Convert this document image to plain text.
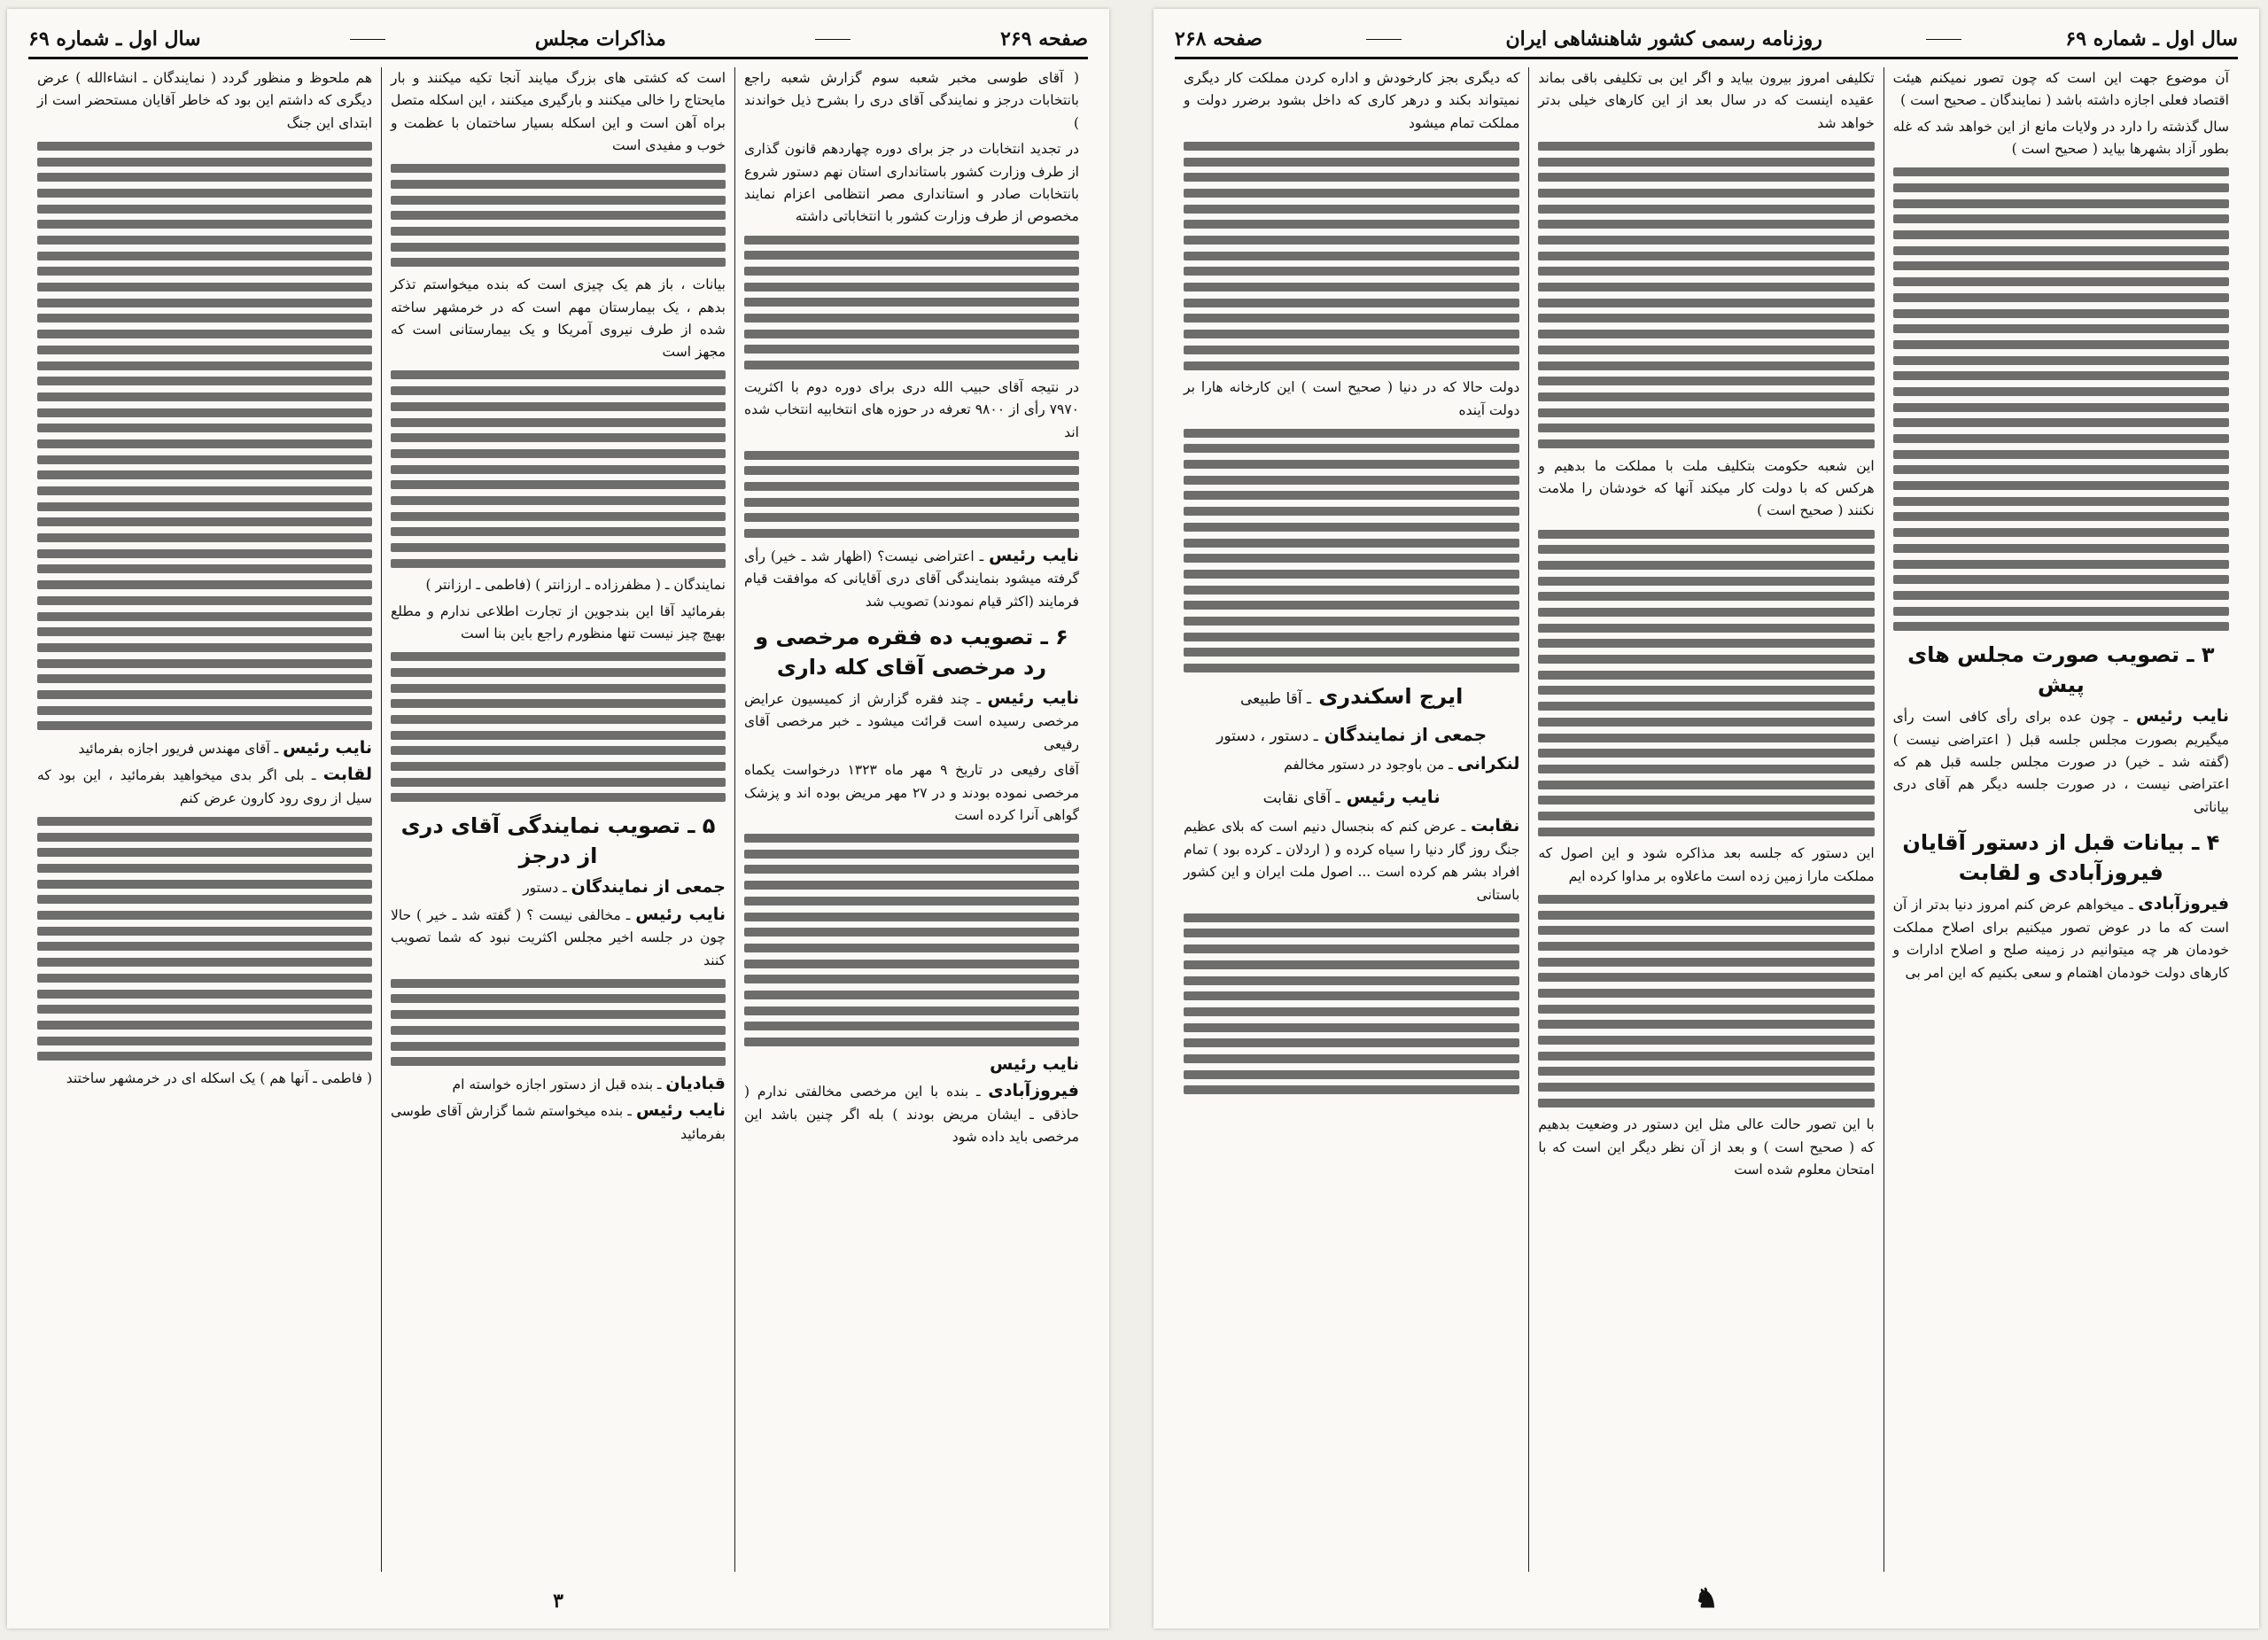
صفحه ۲۶۹
مذاکرات مجلس
سال اول ـ شماره ۶۹

( آقای طوسی مخبر شعبه سوم گزارش شعبه راجع بانتخابات درجز و نمایندگی آقای دری را بشرح ذیل خواندند )

در تجدید انتخابات در جز برای دوره چهاردهم قانون گذاری از طرف وزارت کشور باستانداری استان نهم دستور شروع بانتخابات صادر و استانداری مصر انتظامی اعزام نمایند مخصوص از طرف وزارت کشور با انتخاباتی داشته

در نتیجه آقای حبیب الله دری برای دوره دوم با اکثریت ۷۹۷۰ رأی از ۹۸۰۰ تعرفه در حوزه های انتخابیه انتخاب شده اند

نایب رئیس ـ اعتراضی نیست؟ (اظهار شد ـ خیر) رأی گرفته میشود بنمایندگی آقای دری آقایانی که موافقت قیام فرمایند (اکثر قیام نمودند) تصویب شد

۶ ـ تصویب ده فقره مرخصی و رد مرخصی آقای کله داری

نایب رئیس ـ چند فقره گزارش از کمیسیون عرایض مرخصی رسیده است قرائت میشود ـ خبر مرخصی آقای رفیعی

آقای رفیعی در تاریخ ۹ مهر ماه ۱۳۲۳ درخواست یکماه مرخصی نموده بودند و در ۲۷ مهر مریض بوده اند و پزشک گواهی آنرا کرده است

نایب رئیس

فیروزآبادی ـ بنده با این مرخصی مخالفتی ندارم ( حاذقی ـ ایشان مریض بودند ) بله اگر چنین باشد این مرخصی باید داده شود

است که کشتی های بزرگ میایند آنجا تکیه میکنند و بار مایحتاج را خالی میکنند و بارگیری میکنند ، این اسکله متصل براه آهن است و این اسکله بسیار ساختمان با عظمت و خوب و مفیدی است

بیانات ، باز هم یک چیزی است که بنده میخواستم تذکر بدهم ، یک بیمارستان مهم است که در خرمشهر ساخته شده از طرف نیروی آمریکا و یک بیمارستانی است که مجهز است

نمایندگان ـ ( مظفرزاده ـ ارزانتر ) (فاطمی ـ ارزانتر )

بفرمائید آقا این بندجوین از تجارت اطلاعی ندارم و مطلع بهیچ چیز نیست تنها منظورم راجع باین بنا است

۵ ـ تصویب نمایندگی آقای دری از درجز

جمعی از نمایندگان ـ دستور

نایب رئیس ـ مخالفی نیست ؟ ( گفته شد ـ خیر ) حالا چون در جلسه اخیر مجلس اکثریت نبود که شما تصویب کنند

قبادیان ـ بنده قبل از دستور اجازه خواسته ام

نایب رئیس ـ بنده میخواستم شما گزارش آقای طوسی بفرمائید

هم ملحوظ و منظور گردد ( نمایندگان ـ انشاءالله ) عرض دیگری که داشتم این بود که خاطر آقایان مستحضر است از ابتدای این جنگ

نایب رئیس ـ آقای مهندس فریور اجازه بفرمائید

لقابت ـ بلی اگر بدی میخواهید بفرمائید ، این بود که سیل از روی رود کارون عرض کنم

( فاطمی ـ آنها هم ) یک اسکله ای در خرمشهر ساختند

۳
سال اول ـ شماره ۶۹
روزنامه رسمی کشور شاهنشاهی ایران
صفحه ۲۶۸

آن موضوع جهت این است که چون تصور نمیکنم هیئت اقتصاد فعلی اجازه داشته باشد ( نمایندگان ـ صحیح است )

سال گذشته را دارد در ولایات مانع از این خواهد شد که غله بطور آزاد بشهرها بیاید ( صحیح است )

۳ ـ تصویب صورت مجلس های پیش

نایب رئیس ـ چون عده برای رأی کافی است رأی میگیریم بصورت مجلس جلسه قبل ( اعتراضی نیست ) (گفته شد ـ خیر) در صورت مجلس جلسه قبل هم که اعتراضی نیست ، در صورت جلسه دیگر هم آقای دری بیاناتی

۴ ـ بیانات قبل از دستور آقایان فیروزآبادی و لقابت

فیروزآبادی ـ میخواهم عرض کنم امروز دنیا بدتر از آن است که ما در عوض تصور میکنیم برای اصلاح مملکت خودمان هر چه میتوانیم در زمینه صلح و اصلاح ادارات و کارهای دولت خودمان اهتمام و سعی بکنیم که این امر بی

تکلیفی امروز بیرون بیاید و اگر این بی تکلیفی باقی بماند عقیده اینست که در سال بعد از این کارهای خیلی بدتر خواهد شد

این شعبه حکومت بتکلیف ملت با مملکت ما بدهیم و هرکس که با دولت کار میکند آنها که خودشان را ملامت نکنند ( صحیح است )

این دستور که جلسه بعد مذاکره شود و این اصول که مملکت مارا زمین زده است ماعلاوه بر مداوا کرده ایم

با این تصور حالت عالی مثل این دستور در وضعیت بدهیم که ( صحیح است ) و بعد از آن نظر دیگر این است که با امتحان معلوم شده است

که دیگری بجز کارخودش و اداره کردن مملکت کار دیگری نمیتواند بکند و درهر کاری که داخل بشود برضرر دولت و مملکت تمام میشود

دولت حالا که در دنیا ( صحیح است ) این کارخانه هارا بر دولت آینده

ایرج اسکندری ـ آقا طبیعی
جمعی از نمایندگان ـ دستور ، دستور

لنکرانی ـ من باوجود در دستور مخالفم

نایب رئیس ـ آقای نقابت

نقابت ـ عرض کنم که بنجسال دنیم است که بلای عظیم جنگ روز گار دنیا را سیاه کرده و ( اردلان ـ کرده بود ) تمام افراد بشر هم کرده است ... اصول ملت ایران و این کشور باستانی

♞
